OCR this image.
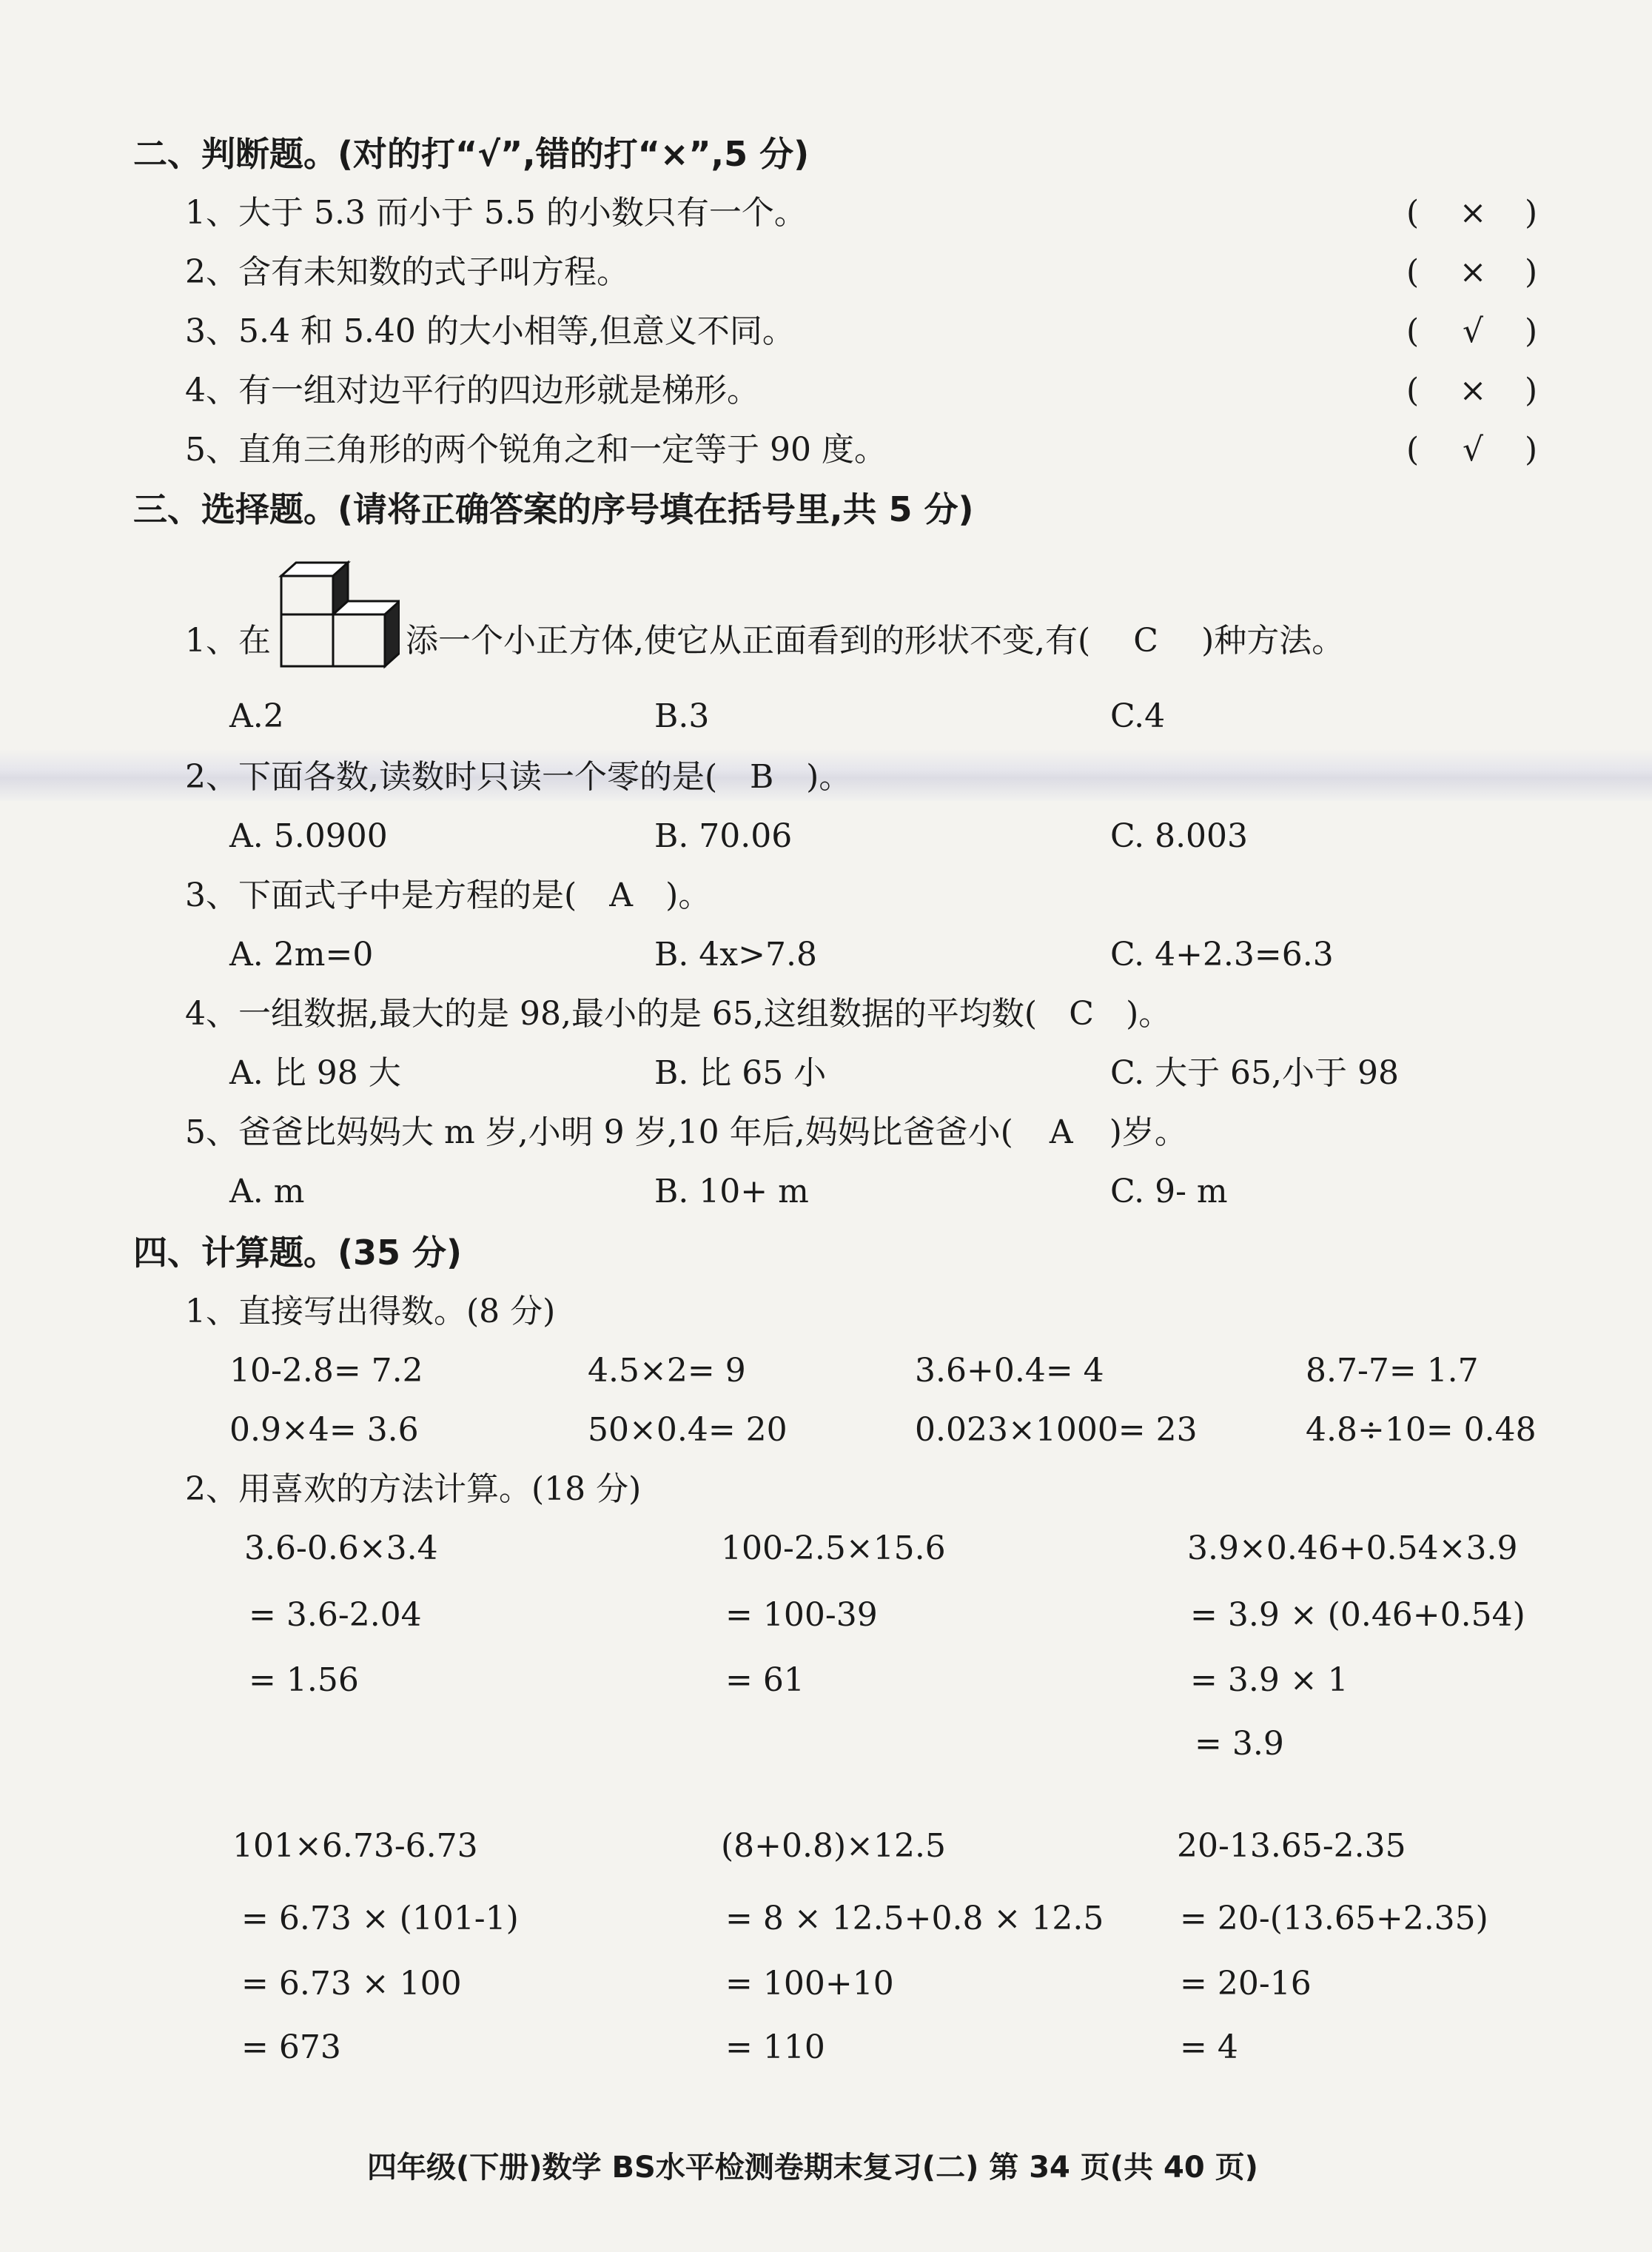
二、判断题。(对的打“√”,错的打“×”,5 分)
1、大于 5.3 而小于 5.5 的小数只有一个。	(	×	)
2、含有未知数的式子叫方程。	(	×	)
3、5.4 和 5.40 的大小相等,但意义不同。	(	√	)
4、有一组对边平行的四边形就是梯形。	(	×	)
5、直角三角形的两个锐角之和一定等于 90 度。	(	√	)
三、选择题。(请将正确答案的序号填在括号里,共 5 分)
1、在	添一个小正方体,使它从正面看到的形状不变,有( C )种方法。
A.2	B.3	C.4
2、下面各数,读数时只读一个零的是( B )。
A. 5.0900	B. 70.06	C. 8.003
3、下面式子中是方程的是( A )。
A. 2m=0	B. 4x>7.8	C. 4+2.3=6.3
4、一组数据,最大的是 98,最小的是 65,这组数据的平均数( C )。
A. 比 98 大	B. 比 65 小	C. 大于 65,小于 98
5、爸爸比妈妈大 m 岁,小明 9 岁,10 年后,妈妈比爸爸小( A )岁。
A. m	B. 10+ m	C. 9- m
四、计算题。(35 分)
1、直接写出得数。(8 分)
10-2.8= 7.2	4.5×2= 9	3.6+0.4= 4	8.7-7= 1.7
0.9×4= 3.6	50×0.4= 20	0.023×1000= 23	4.8÷10= 0.48
2、用喜欢的方法计算。(18 分)
3.6-0.6×3.4
= 3.6-2.04
= 1.56
100-2.5×15.6
= 100-39
= 61
3.9×0.46+0.54×3.9
= 3.9 × (0.46+0.54)
= 3.9 × 1
= 3.9
101×6.73-6.73
= 6.73 × (101-1)
= 6.73 × 100
= 673
(8+0.8)×12.5
= 8 × 12.5+0.8 × 12.5
= 100+10
= 110
20-13.65-2.35
= 20-(13.65+2.35)
= 20-16
= 4
四年级(下册)数学 BS水平检测卷期末复习(二) 第 34 页(共 40 页)
